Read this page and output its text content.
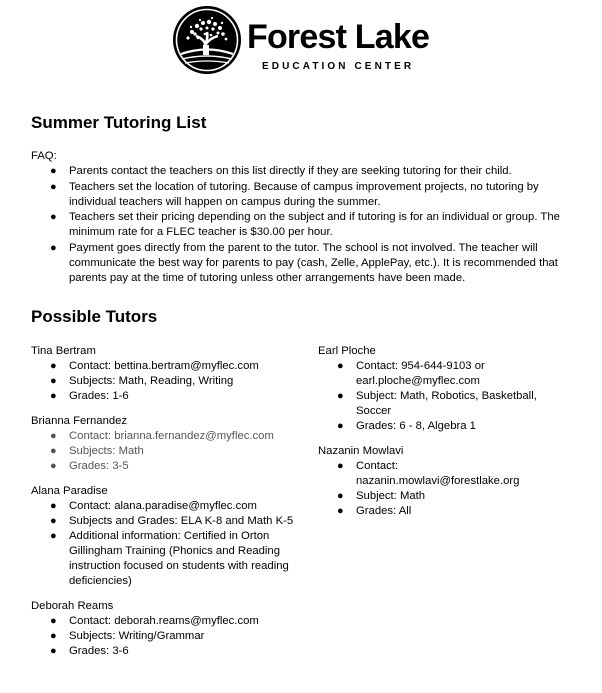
Forest Lake
EDUCATION CENTER
Summer Tutoring List
FAQ:
● Parents contact the teachers on this list directly if they are seeking tutoring for their child.
● Teachers set the location of tutoring. Because of campus improvement projects, no tutoring by individual teachers will happen on campus during the summer.
● Teachers set their pricing depending on the subject and if tutoring is for an individual or group. The minimum rate for a FLEC teacher is $30.00 per hour.
● Payment goes directly from the parent to the tutor. The school is not involved. The teacher will communicate the best way for parents to pay (cash, Zelle, ApplePay, etc.). It is recommended that parents pay at the time of tutoring unless other arrangements have been made.
Possible Tutors
Tina Bertram
● Contact: bettina.bertram@myflec.com
● Subjects: Math, Reading, Writing
● Grades: 1-6
Brianna Fernandez
● Contact: brianna.fernandez@myflec.com
● Subjects: Math
● Grades: 3-5
Alana Paradise
● Contact: alana.paradise@myflec.com
● Subjects and Grades: ELA K-8 and Math K-5
● Additional information: Certified in Orton Gillingham Training (Phonics and Reading instruction focused on students with reading deficiencies)
Deborah Reams
● Contact: deborah.reams@myflec.com
● Subjects: Writing/Grammar
● Grades: 3-6
Earl Ploche
● Contact: 954-644-9103 or earl.ploche@myflec.com
● Subject: Math, Robotics, Basketball, Soccer
● Grades: 6 - 8, Algebra 1
Nazanin Mowlavi
● Contact: nazanin.mowlavi@forestlake.org
● Subject: Math
● Grades: All
